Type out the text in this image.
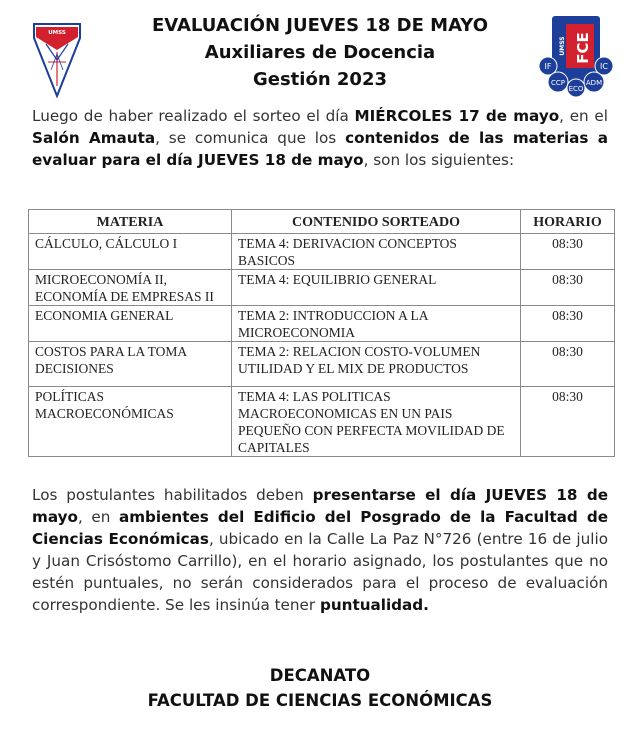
UMSS	EVALUACIÓN JUEVES 18 DE MAYO
Auxiliares de Docencia
Gestión 2023
FCE
UMSS
IF	IC
CCP
ECO
ADM
Luego de haber realizado el sorteo el día MIÉRCOLES 17 de mayo, en el Salón Amauta, se comunica que los contenidos de las materias a evaluar para el día JUEVES 18 de mayo, son los siguientes:
MATERIA	CONTENIDO SORTEADO	HORARIO
CÁLCULO, CÁLCULO I	TEMA 4: DERIVACION CONCEPTOS BASICOS	08:30
MICROECONOMÍA II, ECONOMÍA DE EMPRESAS II	TEMA 4: EQUILIBRIO GENERAL	08:30
ECONOMIA GENERAL	TEMA 2: INTRODUCCION A LA MICROECONOMIA	08:30
COSTOS PARA LA TOMA DECISIONES	TEMA 2: RELACION COSTO-VOLUMEN UTILIDAD Y EL MIX DE PRODUCTOS	08:30
POLÍTICAS MACROECONÓMICAS	TEMA 4: LAS POLITICAS MACROECONOMICAS EN UN PAIS PEQUEÑO CON PERFECTA MOVILIDAD DE CAPITALES	08:30
Los postulantes habilitados deben presentarse el día JUEVES 18 de mayo, en ambientes del Edificio del Posgrado de la Facultad de Ciencias Económicas, ubicado en la Calle La Paz N°726 (entre 16 de julio y Juan Crisóstomo Carrillo), en el horario asignado, los postulantes que no estén puntuales, no serán considerados para el proceso de evaluación correspondiente. Se les insinúa tener puntualidad.
DECANATO
FACULTAD DE CIENCIAS ECONÓMICAS
